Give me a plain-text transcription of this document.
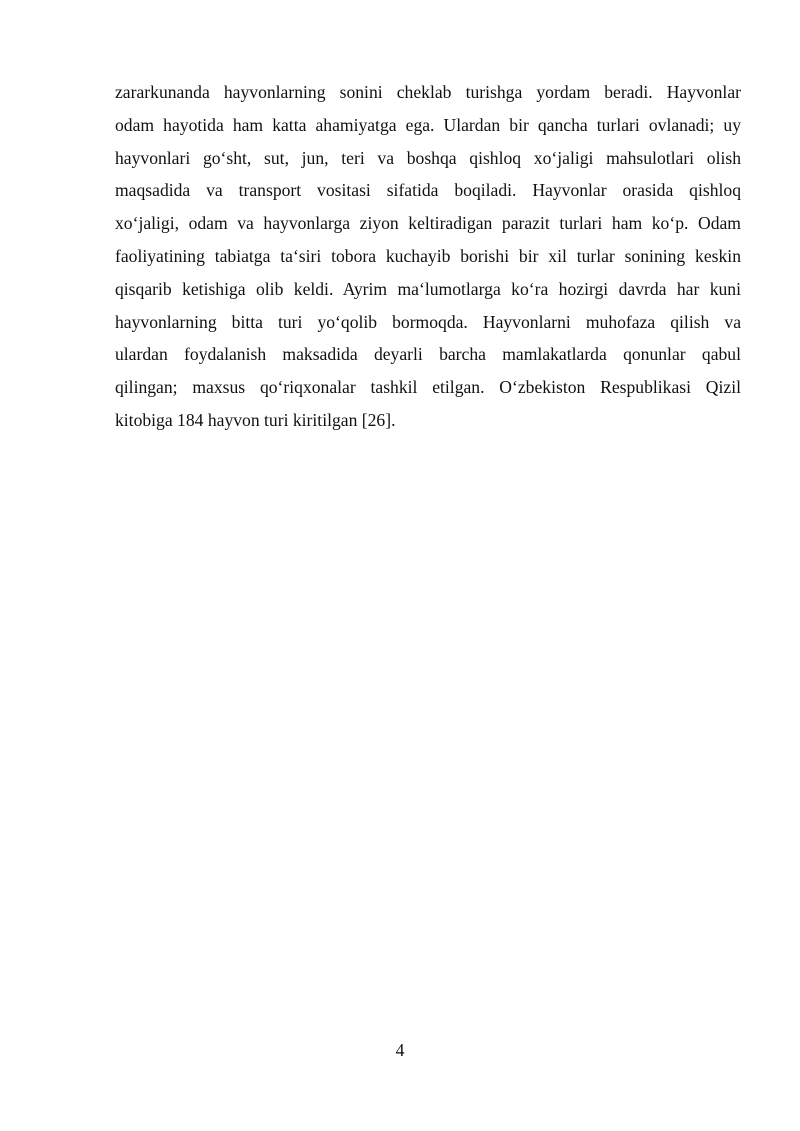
zararkunanda hayvonlarning sonini cheklab turishga yordam beradi. Hayvonlar
odam hayotida ham katta ahamiyatga ega. Ulardan bir qancha turlari ovlanadi; uy
hayvonlari go‘sht, sut, jun, teri va boshqa qishloq xo‘jaligi mahsulotlari olish
maqsadida va transport vositasi sifatida boqiladi. Hayvonlar orasida qishloq
xo‘jaligi, odam va hayvonlarga ziyon keltiradigan parazit turlari ham ko‘p. Odam
faoliyatining tabiatga ta‘siri tobora kuchayib borishi bir xil turlar sonining keskin
qisqarib ketishiga olib keldi. Ayrim ma‘lumotlarga ko‘ra hozirgi davrda har kuni
hayvonlarning bitta turi yo‘qolib bormoqda. Hayvonlarni muhofaza qilish va
ulardan foydalanish maksadida deyarli barcha mamlakatlarda qonunlar qabul
qilingan; maxsus qo‘riqxonalar tashkil etilgan. O‘zbekiston Respublikasi Qizil
kitobiga 184 hayvon turi kiritilgan [26].
4
